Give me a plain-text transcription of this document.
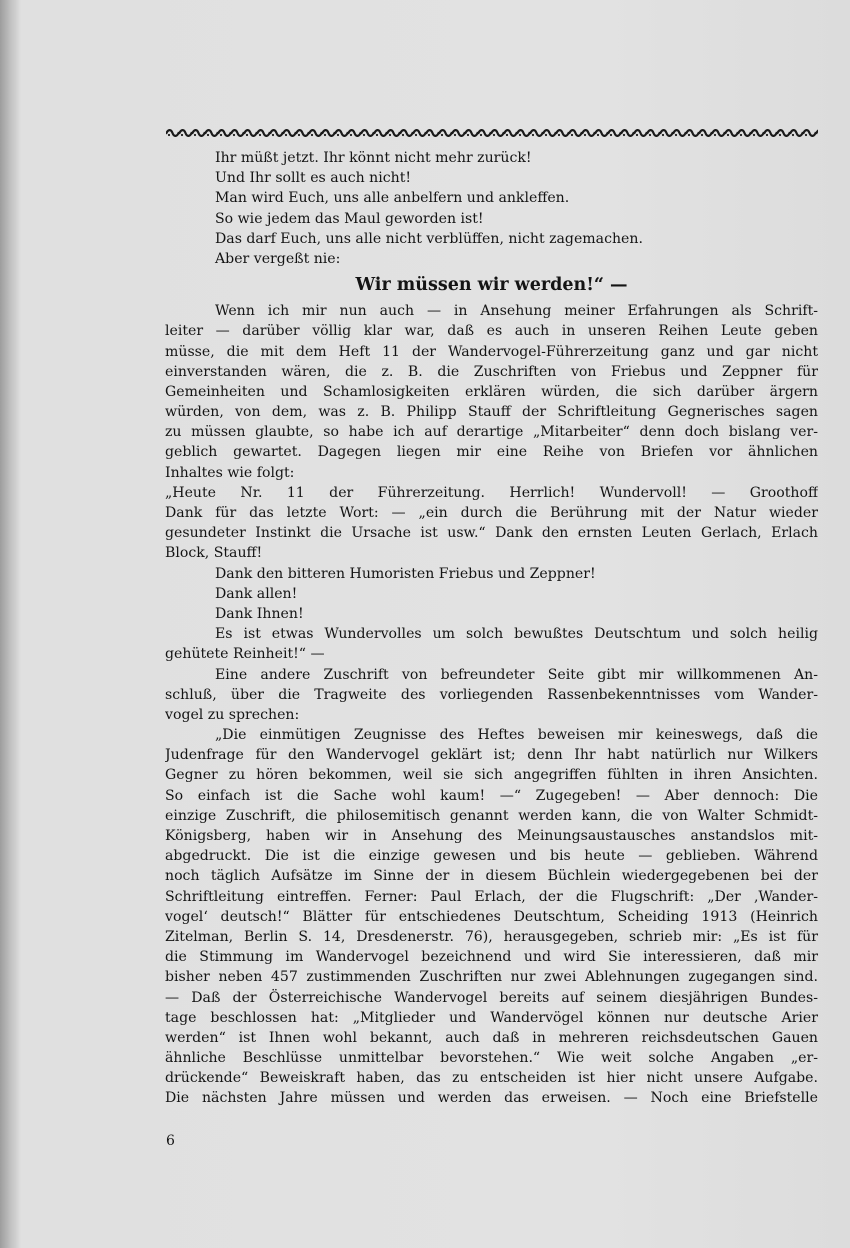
Ihr müßt jetzt. Ihr könnt nicht mehr zurück!
Und Ihr sollt es auch nicht!
Man wird Euch, uns alle anbelfern und ankleffen.
So wie jedem das Maul geworden ist!
Das darf Euch, uns alle nicht verblüffen, nicht zagemachen.
Aber vergeßt nie:
Wir müssen wir werden!“ —
Wenn ich mir nun auch — in Ansehung meiner Erfahrungen als Schrift-
leiter — darüber völlig klar war, daß es auch in unseren Reihen Leute geben
müsse, die mit dem Heft 11 der Wandervogel-Führerzeitung ganz und gar nicht
einverstanden wären, die z. B. die Zuschriften von Friebus und Zeppner für
Gemeinheiten und Schamlosigkeiten erklären würden, die sich darüber ärgern
würden, von dem, was z. B. Philipp Stauff der Schriftleitung Gegnerisches sagen
zu müssen glaubte, so habe ich auf derartige „Mitarbeiter“ denn doch bislang ver-
geblich gewartet. Dagegen liegen mir eine Reihe von Briefen vor ähnlichen
Inhaltes wie folgt:
„Heute Nr. 11 der Führerzeitung. Herrlich! Wundervoll! — Groothoff
Dank für das letzte Wort: — „ein durch die Berührung mit der Natur wieder
gesundeter Instinkt die Ursache ist usw.“ Dank den ernsten Leuten Gerlach, Erlach
Block, Stauff!
Dank den bitteren Humoristen Friebus und Zeppner!
Dank allen!
Dank Ihnen!
Es ist etwas Wundervolles um solch bewußtes Deutschtum und solch heilig
gehütete Reinheit!“ —
Eine andere Zuschrift von befreundeter Seite gibt mir willkommenen An-
schluß, über die Tragweite des vorliegenden Rassenbekenntnisses vom Wander-
vogel zu sprechen:
„Die einmütigen Zeugnisse des Heftes beweisen mir keineswegs, daß die
Judenfrage für den Wandervogel geklärt ist; denn Ihr habt natürlich nur Wilkers
Gegner zu hören bekommen, weil sie sich angegriffen fühlten in ihren Ansichten.
So einfach ist die Sache wohl kaum! —“ Zugegeben! — Aber dennoch: Die
einzige Zuschrift, die philosemitisch genannt werden kann, die von Walter Schmidt-
Königsberg, haben wir in Ansehung des Meinungsaustausches anstandslos mit-
abgedruckt. Die ist die einzige gewesen und bis heute — geblieben. Während
noch täglich Aufsätze im Sinne der in diesem Büchlein wiedergegebenen bei der
Schriftleitung eintreffen. Ferner: Paul Erlach, der die Flugschrift: „Der ‚Wander-
vogel‘ deutsch!“ Blätter für entschiedenes Deutschtum, Scheiding 1913 (Heinrich
Zitelman, Berlin S. 14, Dresdenerstr. 76), herausgegeben, schrieb mir: „Es ist für
die Stimmung im Wandervogel bezeichnend und wird Sie interessieren, daß mir
bisher neben 457 zustimmenden Zuschriften nur zwei Ablehnungen zugegangen sind.
— Daß der Österreichische Wandervogel bereits auf seinem diesjährigen Bundes-
tage beschlossen hat: „Mitglieder und Wandervögel können nur deutsche Arier
werden“ ist Ihnen wohl bekannt, auch daß in mehreren reichsdeutschen Gauen
ähnliche Beschlüsse unmittelbar bevorstehen.“ Wie weit solche Angaben „er-
drückende“ Beweiskraft haben, das zu entscheiden ist hier nicht unsere Aufgabe.
Die nächsten Jahre müssen und werden das erweisen. — Noch eine Briefstelle
6
